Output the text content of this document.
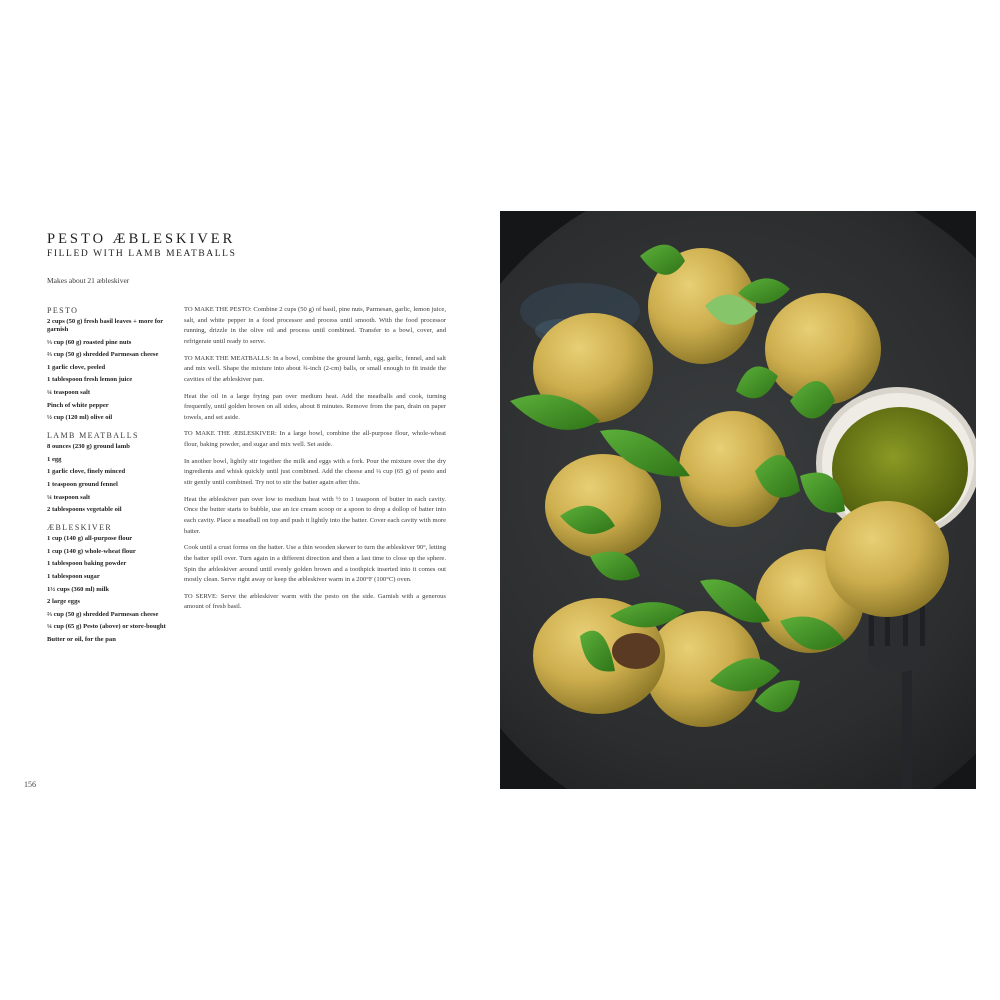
PESTO ÆBLESKIVER
FILLED WITH LAMB MEATBALLS

Makes about 21 æbleskiver

PESTO
2 cups (50 g) fresh basil leaves + more for garnish
⅓ cup (60 g) roasted pine nuts
⅔ cup (50 g) shredded Parmesan cheese
1 garlic clove, peeled
1 tablespoon fresh lemon juice
¼ teaspoon salt
Pinch of white pepper
½ cup (120 ml) olive oil
LAMB MEATBALLS
8 ounces (230 g) ground lamb
1 egg
1 garlic clove, finely minced
1 teaspoon ground fennel
¼ teaspoon salt
2 tablespoons vegetable oil
ÆBLESKIVER
1 cup (140 g) all-purpose flour
1 cup (140 g) whole-wheat flour
1 tablespoon baking powder
1 tablespoon sugar
1½ cups (360 ml) milk
2 large eggs
⅔ cup (50 g) shredded Parmesan cheese
¼ cup (65 g) Pesto (above) or store-bought
Butter or oil, for the pan

TO MAKE THE PESTO: Combine 2 cups (50 g) of basil, pine nuts, Parmesan, garlic, lemon juice, salt, and white pepper in a food processor and process until smooth. With the food processor running, drizzle in the olive oil and process until combined. Transfer to a bowl, cover, and refrigerate until ready to serve.

TO MAKE THE MEATBALLS: In a bowl, combine the ground lamb, egg, garlic, fennel, and salt and mix well. Shape the mixture into about ¾-inch (2-cm) balls, or small enough to fit inside the cavities of the æbleskiver pan.

Heat the oil in a large frying pan over medium heat. Add the meatballs and cook, turning frequently, until golden brown on all sides, about 8 minutes. Remove from the pan, drain on paper towels, and set aside.

TO MAKE THE ÆBLESKIVER: In a large bowl, combine the all-purpose flour, whole-wheat flour, baking powder, and sugar and mix well. Set aside.

In another bowl, lightly stir together the milk and eggs with a fork. Pour the mixture over the dry ingredients and whisk quickly until just combined. Add the cheese and ¼ cup (65 g) of pesto and stir gently until combined. Try not to stir the batter again after this.

Heat the æbleskiver pan over low to medium heat with ½ to 1 teaspoon of butter in each cavity. Once the butter starts to bubble, use an ice cream scoop or a spoon to drop a dollop of batter into each cavity. Place a meatball on top and push it lightly into the batter. Cover each cavity with more batter.

Cook until a crust forms on the batter. Use a thin wooden skewer to turn the æbleskiver 90°, letting the batter spill over. Turn again in a different direction and then a last time to close up the sphere. Spin the æbleskiver around until evenly golden brown and a toothpick inserted into it comes out mostly clean. Serve right away or keep the æbleskiver warm in a 200°F (100°C) oven.

TO SERVE: Serve the æbleskiver warm with the pesto on the side. Garnish with a generous amount of fresh basil.

156
